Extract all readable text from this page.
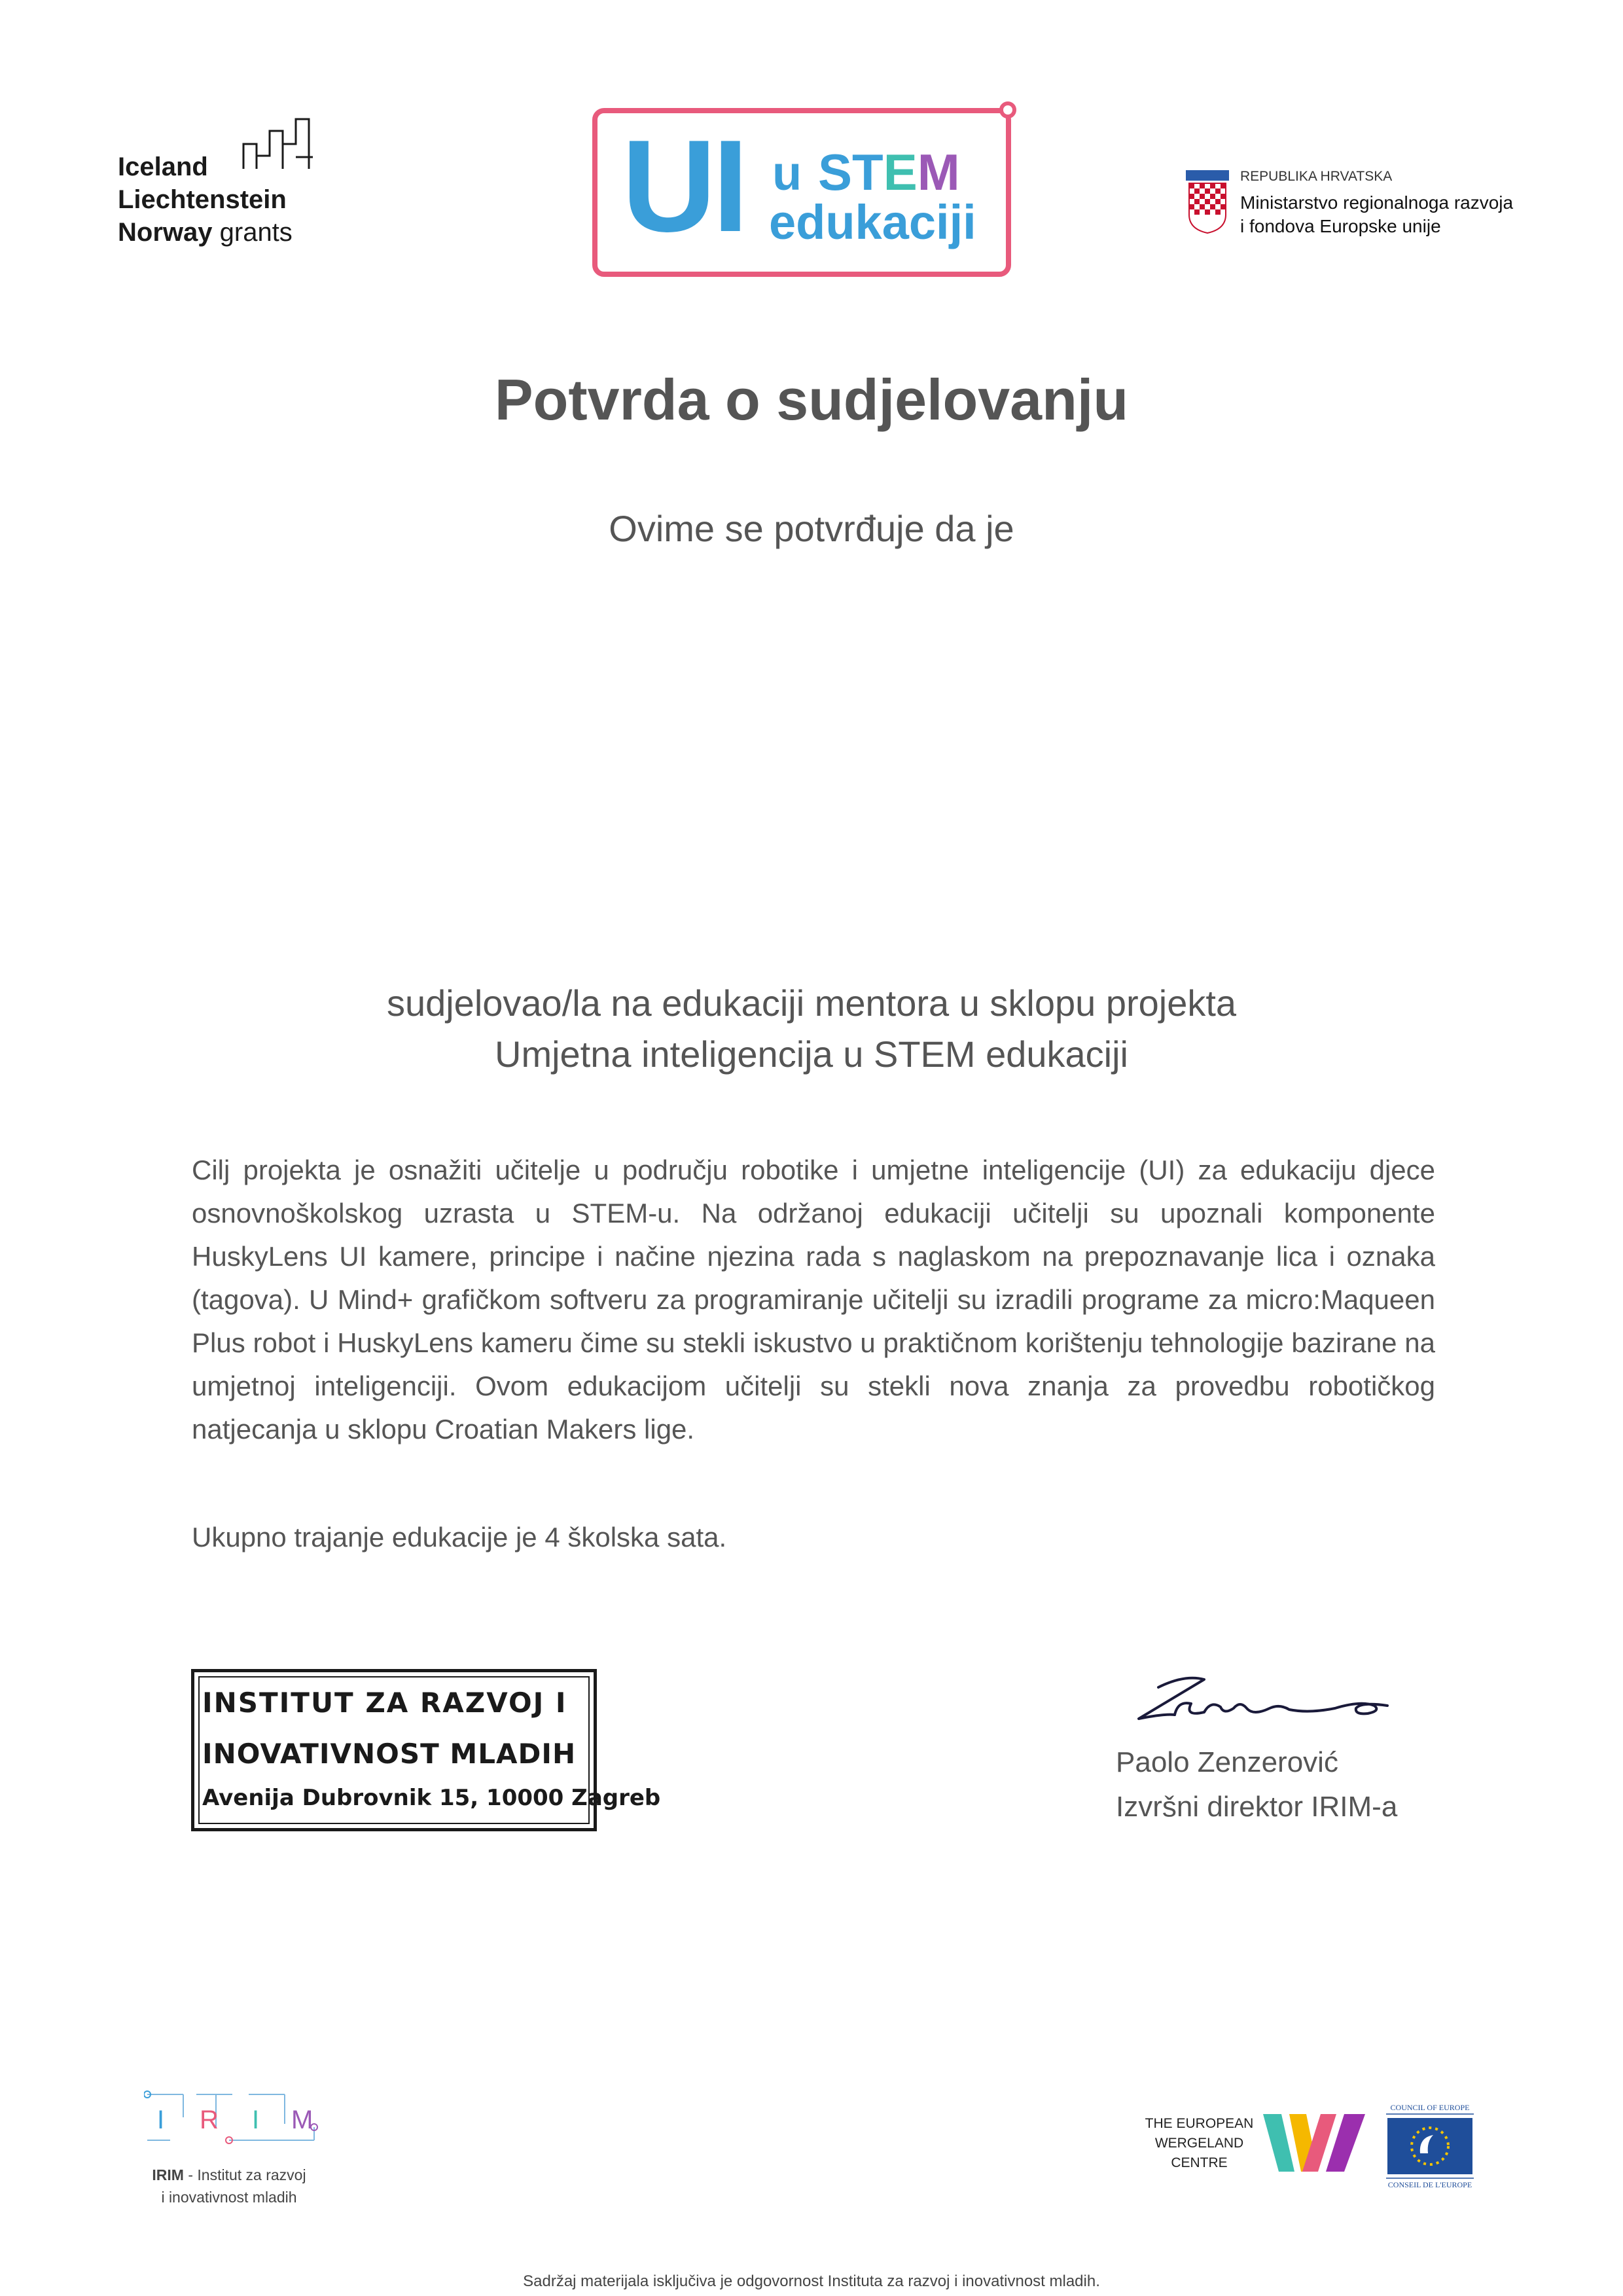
Iceland
Liechtenstein
Norway grants	UI u STEM
edukaciji
REPUBLIKA HRVATSKA
Ministarstvo regionalnoga razvoja
i fondova Europske unije
Potvrda o sudjelovanju
Ovime se potvrđuje da je
sudjelovao/la na edukaciji mentora u sklopu projekta
Umjetna inteligencija u STEM edukaciji
Cilj projekta je osnažiti učitelje u području robotike i umjetne inteligencije (UI) za edukaciju djece osnovnoškolskog uzrasta u STEM-u. Na održanoj edukaciji učitelji su upoznali komponente HuskyLens UI kamere, principe i načine njezina rada s naglaskom na prepoznavanje lica i oznaka (tagova). U Mind+ grafičkom softveru za programiranje učitelji su izradili programe za micro:Maqueen Plus robot i HuskyLens kameru čime su stekli iskustvo u praktičnom korištenju tehnologije bazirane na umjetnoj inteligenciji. Ovom edukacijom učitelji su stekli nova znanja za provedbu robotičkog natjecanja u sklopu Croatian Makers lige.
Ukupno trajanje edukacije je 4 školska sata.
INSTITUT ZA RAZVOJ I
INOVATIVNOST MLADIH
Avenija Dubrovnik 15, 10000 Zagreb
Paolo Zenzerović
Izvršni direktor IRIM-a
I R I M
IRIM - Institut za razvoj
i inovativnost mladih
THE EUROPEAN
WERGELAND
CENTRE
COUNCIL OF EUROPE
CONSEIL DE L'EUROPE
Sadržaj materijala isključiva je odgovornost Instituta za razvoj i inovativnost mladih.
